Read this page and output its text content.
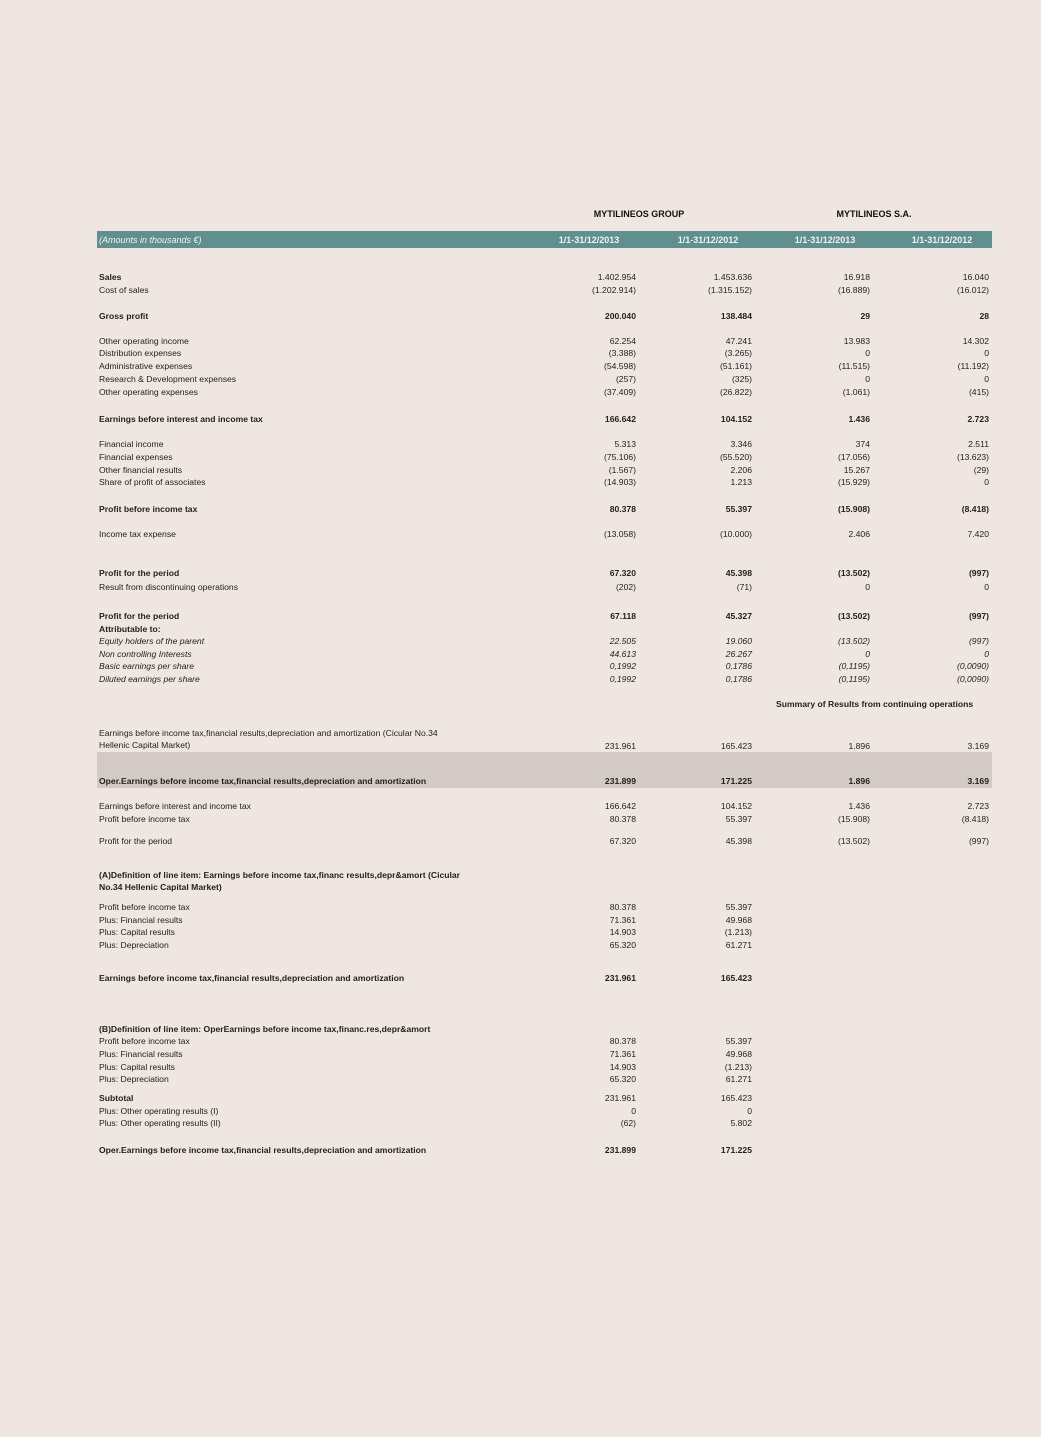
MYTILINEOS GROUP	MYTILINEOS S.A.
(Amounts in thousands €)	1/1-31/12/2013	1/1-31/12/2012	1/1-31/12/2013	1/1-31/12/2012
Sales	1.402.954	1.453.636	16.918	16.040
Cost of sales	(1.202.914)	(1.315.152)	(16.889)	(16.012)
Gross profit	200.040	138.484	29	28
Other operating income	62.254	47.241	13.983	14.302
Distribution expenses	(3.388)	(3.265)	0	0
Administrative expenses	(54.598)	(51.161)	(11.515)	(11.192)
Research & Development expenses	(257)	(325)	0	0
Other operating expenses	(37.409)	(26.822)	(1.061)	(415)
Earnings before interest and income tax	166.642	104.152	1.436	2.723
Financial income	5.313	3.346	374	2.511
Financial expenses	(75.106)	(55.520)	(17.056)	(13.623)
Other financial results	(1.567)	2.206	15.267	(29)
Share of profit of associates	(14.903)	1.213	(15.929)	0
Profit before income tax	80.378	55.397	(15.908)	(8.418)
Income tax expense	(13.058)	(10.000)	2.406	7.420
Profit for the period	67.320	45.398	(13.502)	(997)
Result from discontinuing operations	(202)	(71)	0	0
Profit for the period	67.118	45.327	(13.502)	(997)
Attributable to:
Equity holders of the parent	22.505	19.060	(13.502)	(997)
Non controlling Interests	44.613	26.267	0	0
Basic earnings per share	0,1992	0,1786	(0,1195)	(0,0090)
Diluted earnings per share	0,1992	0,1786	(0,1195)	(0,0090)
Summary of Results from continuing operations
Earnings before income tax,financial results,depreciation and amortization (Cicular No.34
Hellenic Capital Market)	231.961	165.423	1.896	3.169
Oper.Earnings before income tax,financial results,depreciation and amortization	231.899	171.225	1.896	3.169
Earnings before interest and income tax	166.642	104.152	1.436	2.723
Profit before income tax	80.378	55.397	(15.908)	(8.418)
Profit for the period	67.320	45.398	(13.502)	(997)
(A)Definition of line item: Earnings before income tax,financ results,depr&amort (Cicular
No.34 Hellenic Capital Market)
Profit before income tax	80.378	55.397
Plus: Financial results	71.361	49.968
Plus: Capital results	14.903	(1.213)
Plus: Depreciation	65.320	61.271
Earnings before income tax,financial results,depreciation and amortization	231.961	165.423
(B)Definition of line item: OperEarnings before income tax,financ.res,depr&amort
Profit before income tax	80.378	55.397
Plus: Financial results	71.361	49.968
Plus: Capital results	14.903	(1.213)
Plus: Depreciation	65.320	61.271
Subtotal	231.961	165.423
Plus: Other operating results (I)	0	0
Plus: Other operating results (II)	(62)	5.802
Oper.Earnings before income tax,financial results,depreciation and amortization	231.899	171.225
